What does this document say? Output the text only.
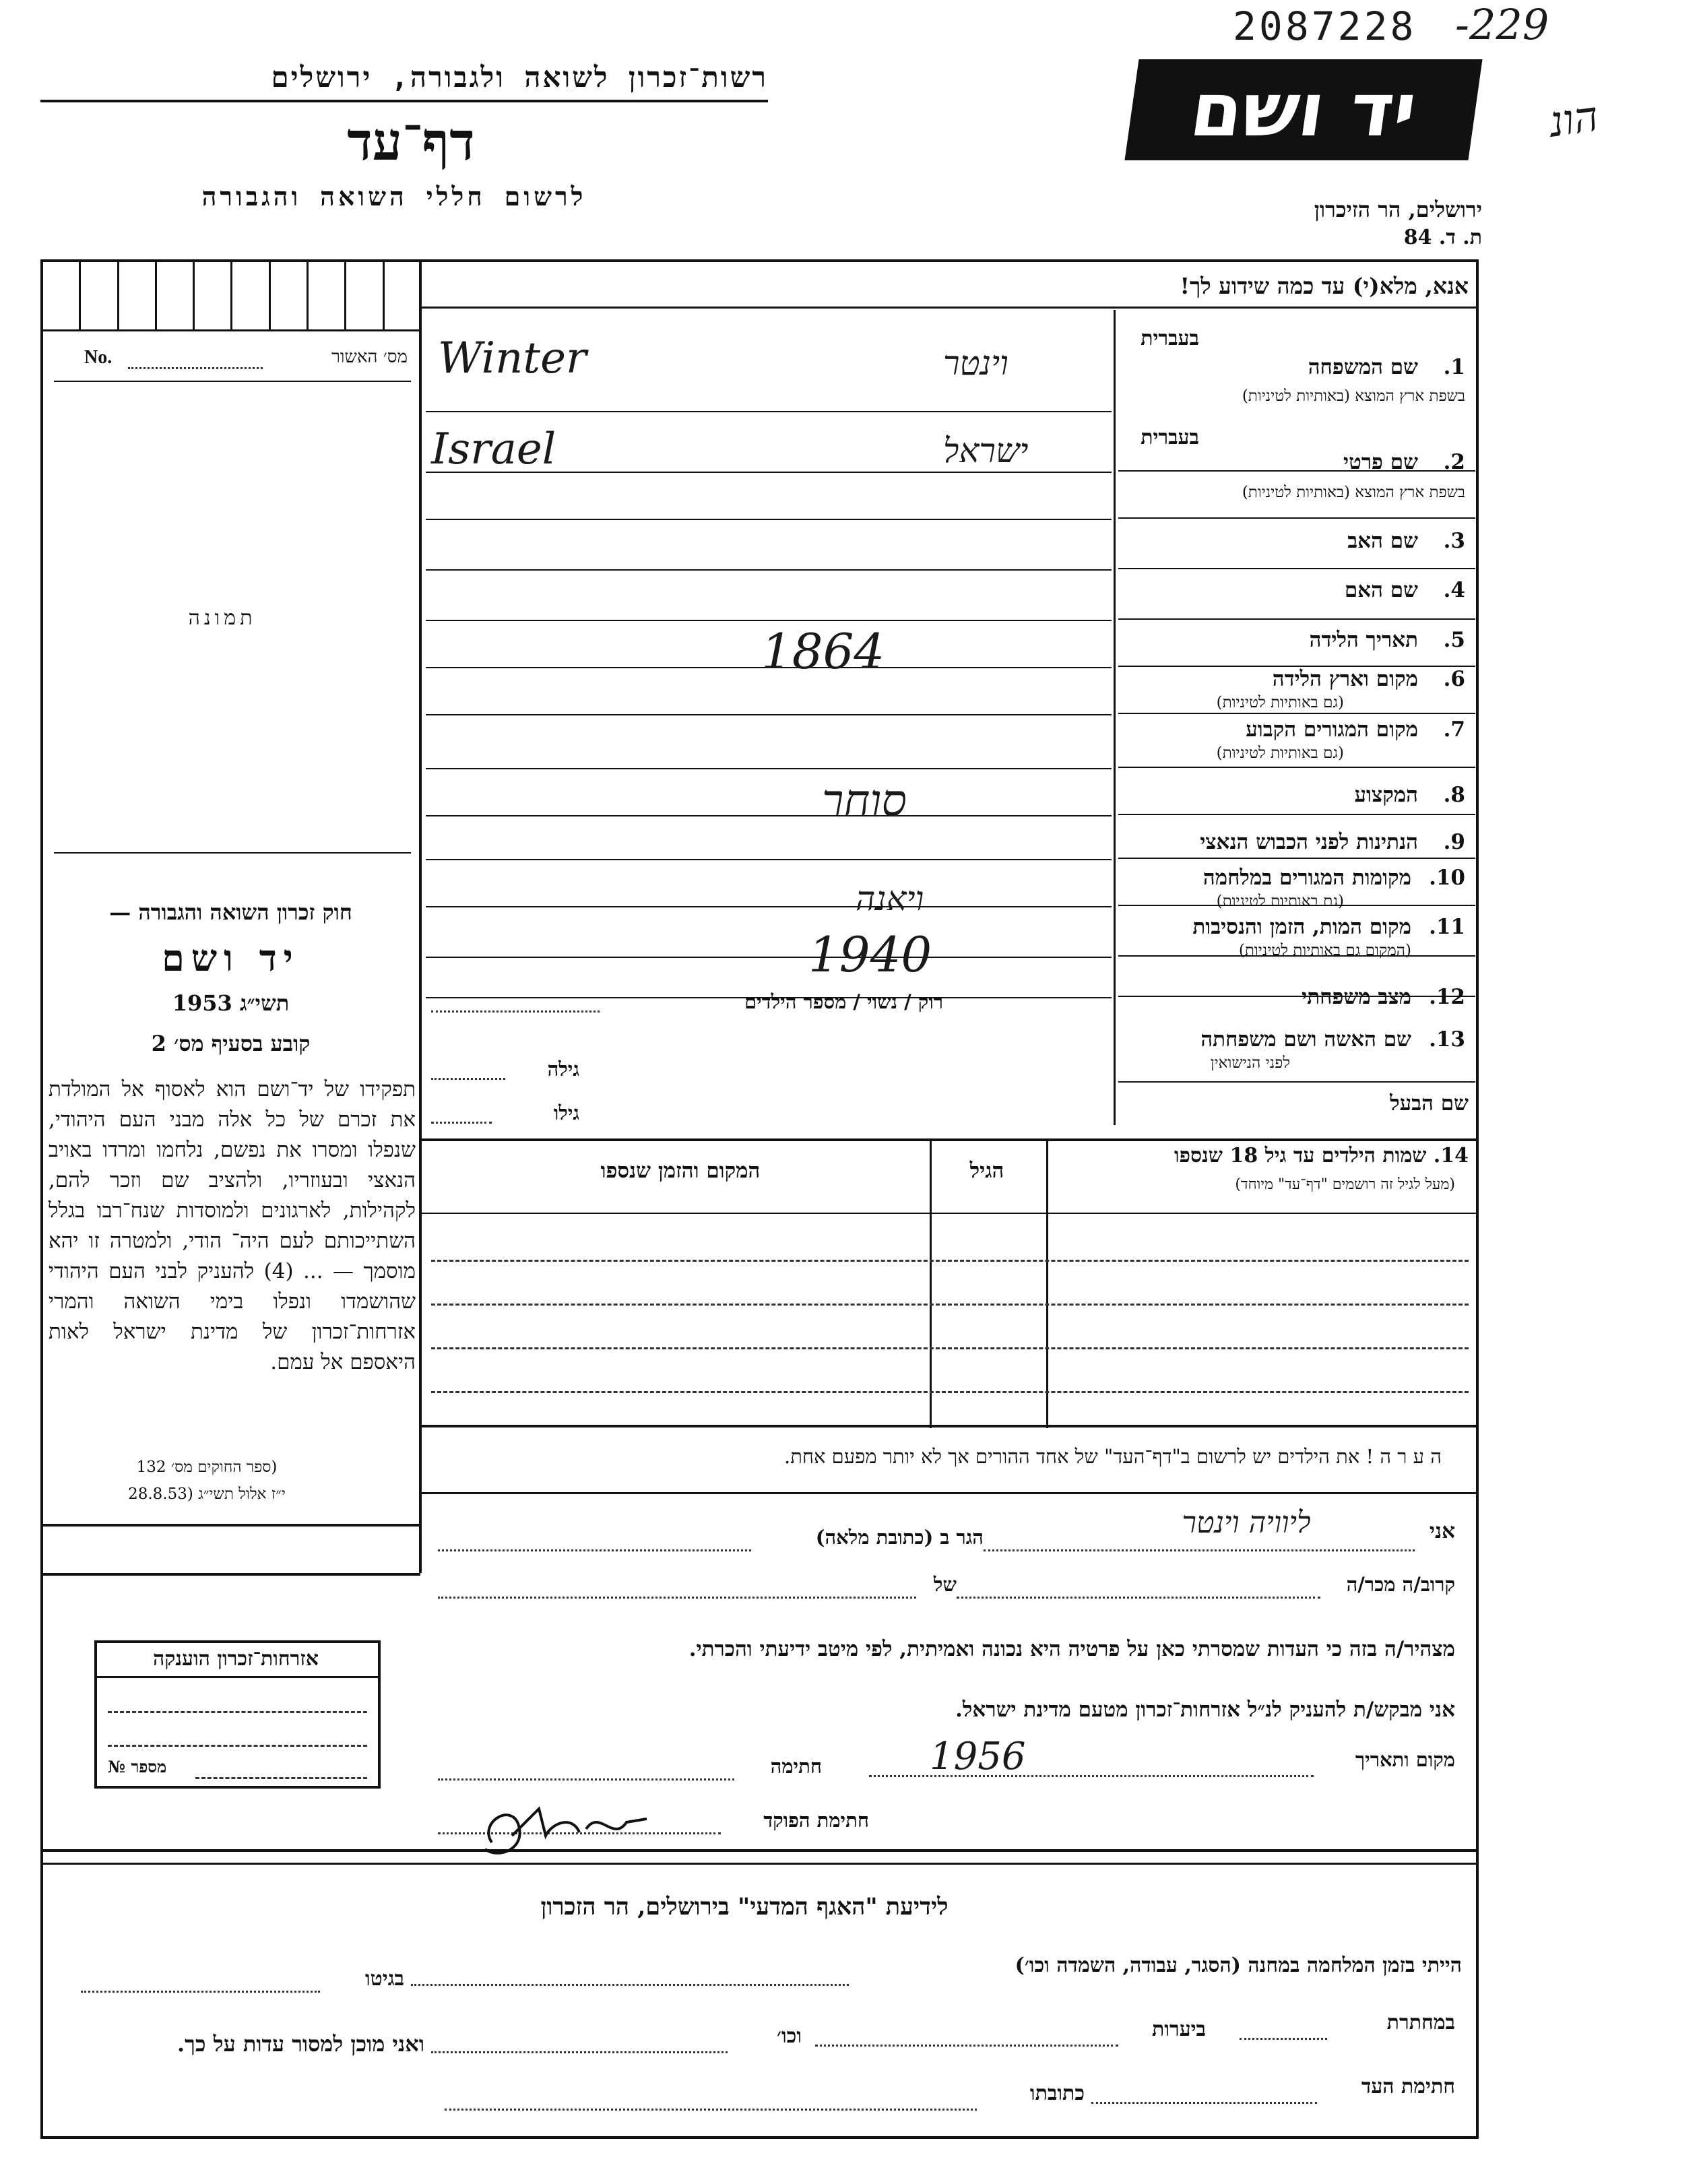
2087228 -229
הונ
רשות־זכרון לשואה ולגבורה, ירושלים
דף־עד
לרשום חללי השואה והגבורה
יד ושם
ירושלים, הר הזיכרון
ת. ד. 84
אנא, מלא(י) עד כמה שידוע לך!
No.	מס׳ האשור
תמונה
חוק זכרון השואה והגבורה —
יד ושם
תשי״ג 1953
קובע בסעיף מס׳ 2
תפקידו של יד־ושם הוא לאסוף אל המולדת את זכרם של כל אלה מבני העם היהודי, שנפלו ומסרו את נפשם, נלחמו ומרדו באויב הנאצי ובעוזריו, ולהציב שם וזכר להם, לקהילות, לארגונים ולמוסדות שנח־רבו בגלל השתייכותם לעם היה־ הודי, ולמטרה זו יהא מוסמך — ... (4) להעניק לבני העם היהודי שהושמדו ונפלו בימי השואה והמרי אזרחות־זכרון של מדינת ישראל לאות היאספם אל עמם.
(ספר החוקים מס׳ 132
י״ז אלול תשי״ג (28.8.53
אזרחות־זכרון הוענקה
מספר №
בעברית
1.
שם המשפחה
בשפת ארץ המוצא (באותיות לטיניות)
וינטר
Winter
בעברית
2.
שם פרטי
בשפת ארץ המוצא (באותיות לטיניות)
ישראל
Israel
3.
שם האב
4.
שם האם
5.
תאריך הלידה
1864	6.
מקום וארץ הלידה
(גם באותיות לטיניות)
7.
מקום המגורים הקבוע
(גם באותיות לטיניות)
8.
המקצוע
סוחר
9.
הנתינות לפני הכבוש הנאצי
10.
מקומות המגורים במלחמה
(גם באותיות לטיניות)
11.
מקום המות, הזמן והנסיבות
(המקום גם באותיות לטיניות)
ויאנה
1940
12.
מצב משפחתי
רוק / נשוי / מספר הילדים
13.
שם האשה ושם משפחתה
לפני הנישואין
גילה
שם הבעל
גילו
14. שמות הילדים עד גיל 18 שנספו
(מעל לגיל זה רושמים "דף־עד" מיוחד)
הגיל
המקום והזמן שנספו
ה ע ר ה ! את הילדים יש לרשום ב"דף־העד" של אחד ההורים אך לא יותר מפעם אחת.
אני
ליוויה וינטר
הגר ב (כתובת מלאה)
קרוב/ה מכר/ה
של
מצהיר/ה בזה כי העדות שמסרתי כאן על פרטיה היא נכונה ואמיתית, לפי מיטב ידיעתי והכרתי.
אני מבקש/ת להעניק לנ״ל אזרחות־זכרון מטעם מדינת ישראל.
מקום ותאריך
1956
חתימה
חתימת הפוקד
לידיעת "האגף המדעי" בירושלים, הר הזכרון
הייתי בזמן המלחמה במחנה (הסגר, עבודה, השמדה וכו׳)
בגיטו
במחתרת
ביערות
וכו׳
ואני מוכן למסור עדות על כך.
חתימת העד
כתובתו
